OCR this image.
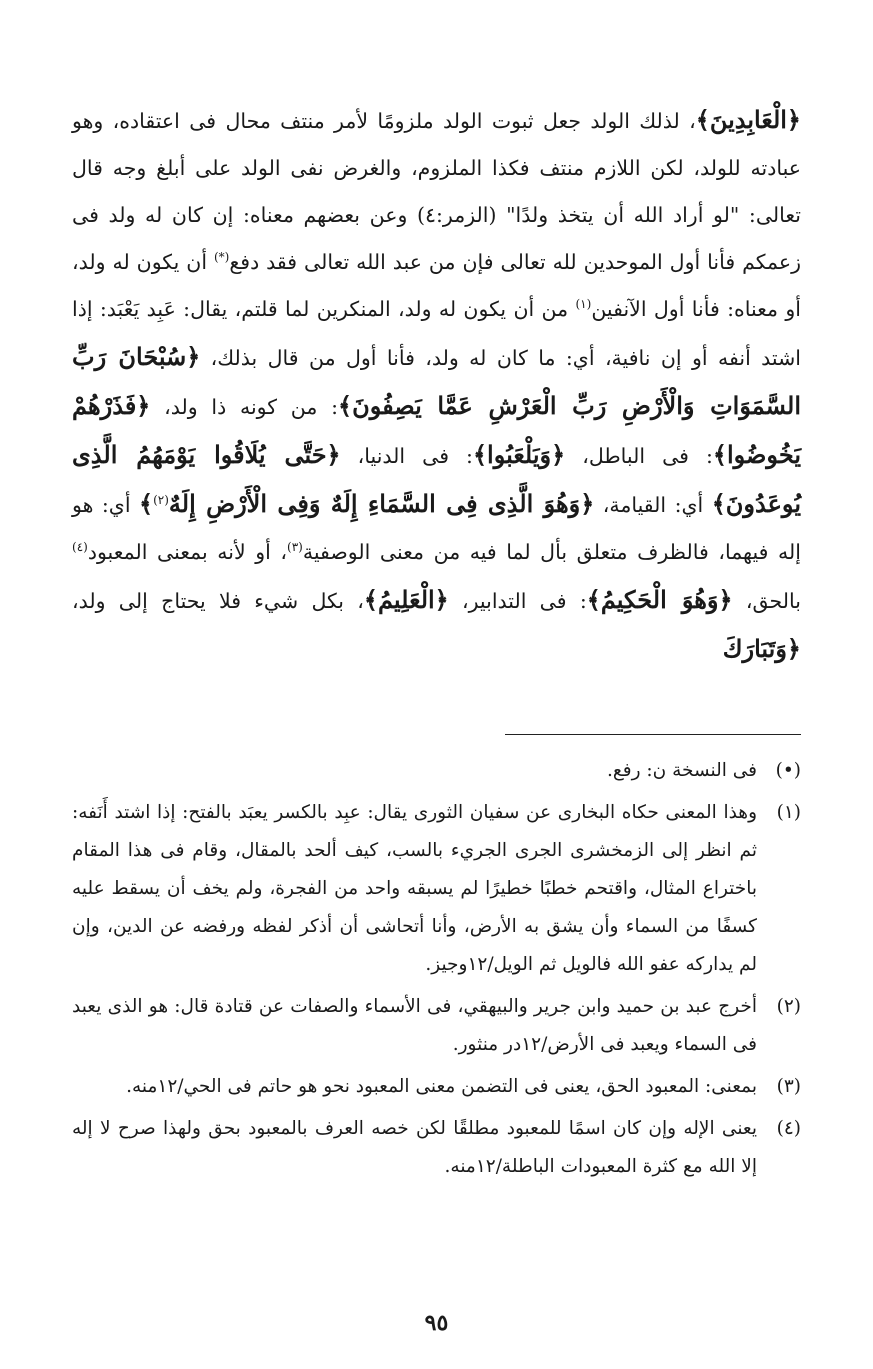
﴿الْعَابِدِينَ﴾، لذلك الولد جعل ثبوت الولد ملزومًا لأمر منتف محال فى اعتقاده، وهو عبادته للولد، لكن اللازم منتف فكذا الملزوم، والغرض نفى الولد على أبلغ وجه قال تعالى: "لو أراد الله أن يتخذ ولدًا" (الزمر:٤) وعن بعضهم معناه: إن كان له ولد فى زعمكم فأنا أول الموحدين لله تعالى فإن من عبد الله تعالى فقد دفع(*) أن يكون له ولد، أو معناه: فأنا أول الآنفين$^{(١)}$ من أن يكون له ولد، المنكرين لما قلتم، يقال: عَبِد يَعْبَد: إذا اشتد أنفه أو إن نافية، أي: ما كان له ولد، فأنا أول من قال بذلك، ﴿سُبْحَانَ رَبِّ السَّمَوَاتِ وَالْأَرْضِ رَبِّ الْعَرْشِ عَمَّا يَصِفُونَ﴾: من كونه ذا ولد، ﴿فَذَرْهُمْ يَخُوضُوا﴾: فى الباطل، ﴿وَيَلْعَبُوا﴾: فى الدنيا، ﴿حَتَّى يُلَاقُوا يَوْمَهُمُ الَّذِى يُوعَدُونَ﴾ أي: القيامة، ﴿وَهُوَ الَّذِى فِى السَّمَاءِ إِلَهٌ وَفِى الْأَرْضِ إِلَهٌ$^{(٢)}$﴾ أي: هو إله فيهما، فالظرف متعلق بأل لما فيه من معنى الوصفية$^{(٣)}$، أو لأنه بمعنى المعبود$^{(٤)}$ بالحق، ﴿وَهُوَ الْحَكِيمُ﴾: فى التدابير، ﴿الْعَلِيمُ﴾، بكل شيء فلا يحتاج إلى ولد، ﴿وَتَبَارَكَ

(•)فى النسخة ن: رفع.
(١)وهذا المعنى حكاه البخارى عن سفيان الثورى يقال: عبِد بالكسر يعبَد بالفتح: إذا اشتد أَنَفه: ثم انظر إلى الزمخشرى الجرى الجريء بالسب، كيف ألحد بالمقال، وقام فى هذا المقام باختراع المثال، واقتحم خطبًا خطيرًا لم يسبقه واحد من الفجرة، ولم يخف أن يسقط عليه كسفًا من السماء وأن يشق به الأرض، وأنا أتحاشى أن أذكر لفظه ورفضه عن الدين، وإن لم يداركه عفو الله فالويل ثم الويل/١٢وجيز.
(٢)أخرج عبد بن حميد وابن جرير والبيهقي، فى الأسماء والصفات عن قتادة قال: هو الذى يعبد فى السماء ويعبد فى الأرض/١٢در منثور.
(٣)بمعنى: المعبود الحق، يعنى فى التضمن معنى المعبود نحو هو حاتم فى الحي/١٢منه.
(٤)يعنى الإله وإن كان اسمًا للمعبود مطلقًا لكن خصه العرف بالمعبود بحق ولهذا صرح لا إله إلا الله مع كثرة المعبودات الباطلة/١٢منه.
٩٥
